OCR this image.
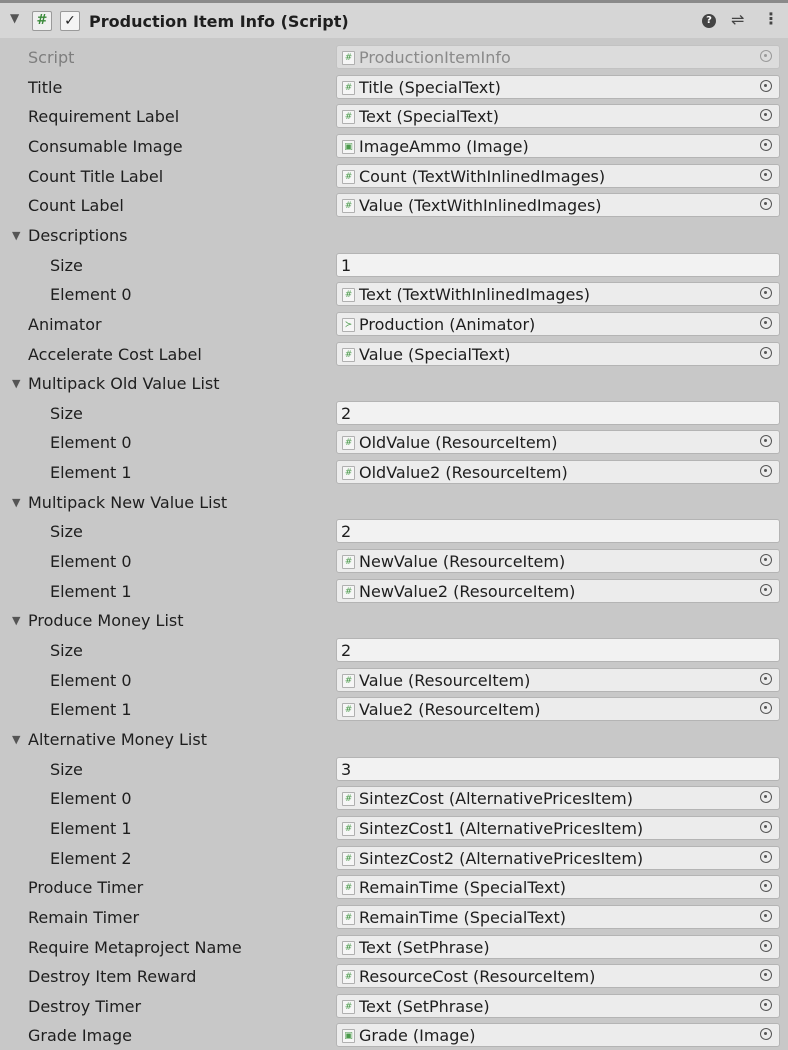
▼	#	✓ Production Item Info (Script)	? ⇌ ⋮
Script	# ProductionItemInfo
Title	# Title (SpecialText)
Requirement Label	# Text (SpecialText)
Consumable Image	▣ ImageAmmo (Image)
Count Title Label	# Count (TextWithInlinedImages)
Count Label	# Value (TextWithInlinedImages)
▼ Descriptions
Size	1
Element 0	# Text (TextWithInlinedImages)
Animator	≻ Production (Animator)
Accelerate Cost Label	# Value (SpecialText)
▼ Multipack Old Value List
Size	2
Element 0	# OldValue (ResourceItem)
Element 1	# OldValue2 (ResourceItem)
▼ Multipack New Value List
Size	2
Element 0	# NewValue (ResourceItem)
Element 1	# NewValue2 (ResourceItem)
▼ Produce Money List
Size	2
Element 0	# Value (ResourceItem)
Element 1	# Value2 (ResourceItem)
▼ Alternative Money List
Size	3
Element 0	# SintezCost (AlternativePricesItem)
Element 1	# SintezCost1 (AlternativePricesItem)
Element 2	# SintezCost2 (AlternativePricesItem)
Produce Timer	# RemainTime (SpecialText)
Remain Timer	# RemainTime (SpecialText)
Require Metaproject Name	# Text (SetPhrase)
Destroy Item Reward	# ResourceCost (ResourceItem)
Destroy Timer	# Text (SetPhrase)
Grade Image	▣ Grade (Image)
